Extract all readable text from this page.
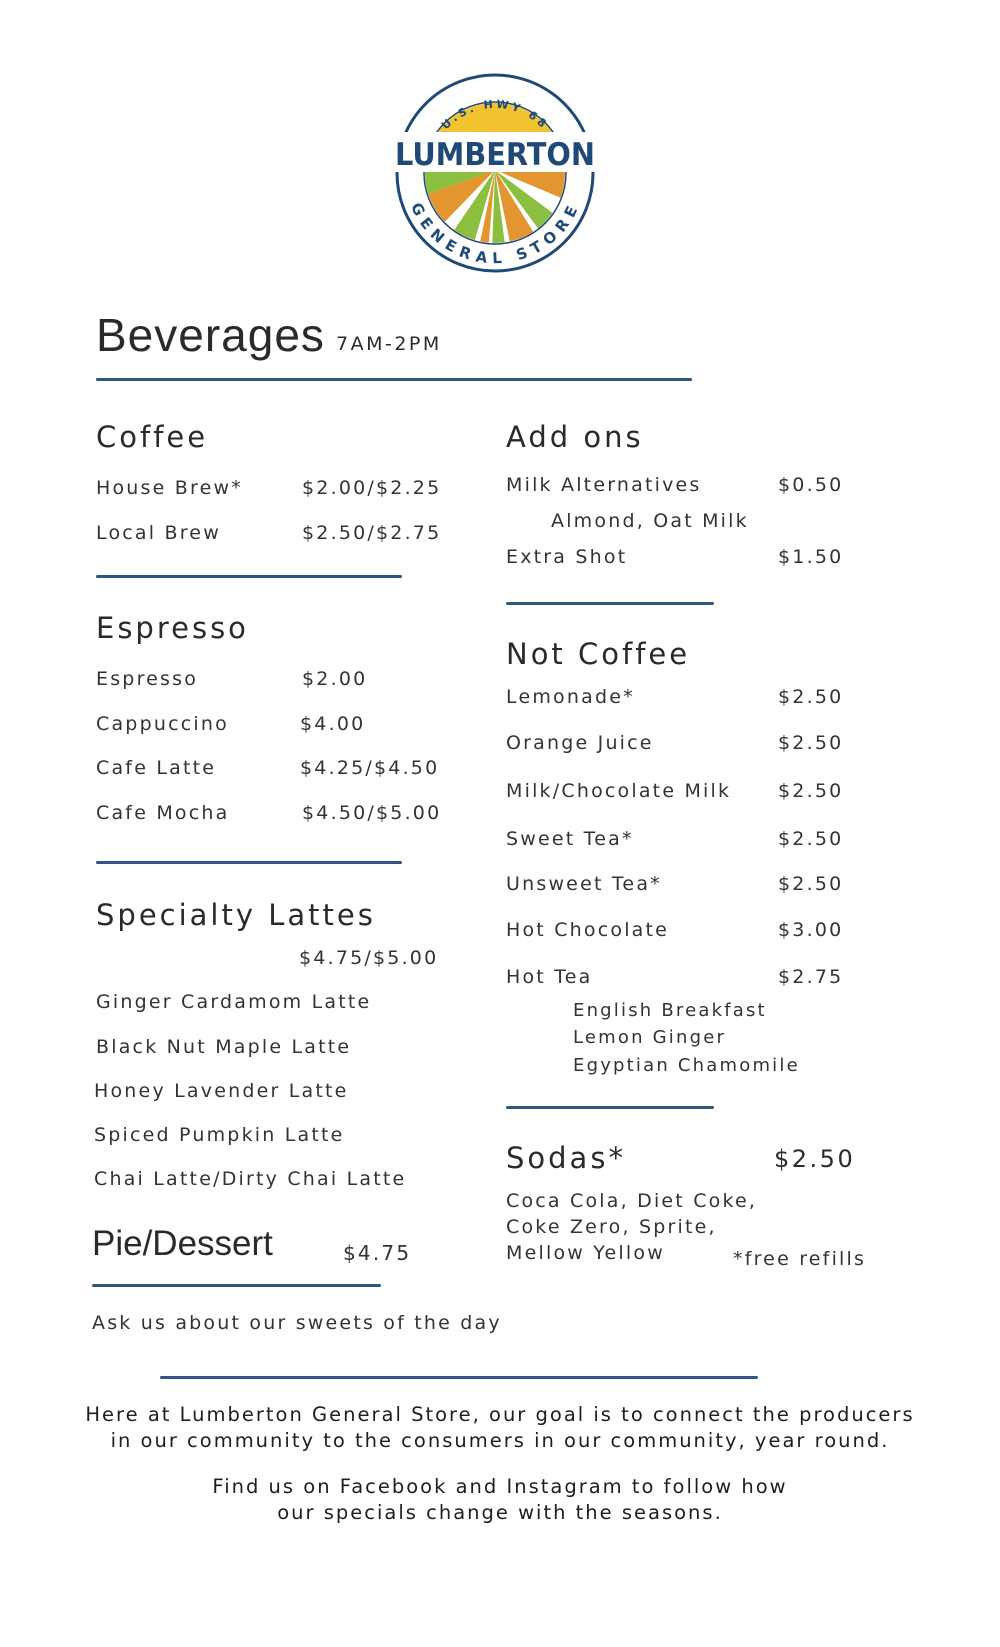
LUMBERTON
U.S. HWY 68
GENERAL STORE
Beverages 7AM-2PM
Coffee
House Brew*	$2.00/$2.25
Local Brew	$2.50/$2.75
Espresso
Espresso	$2.00
Cappuccino	$4.00
Cafe Latte	$4.25/$4.50
Cafe Mocha	$4.50/$5.00
Specialty Lattes
$4.75/$5.00
Ginger Cardamom Latte
Black Nut Maple Latte
Honey Lavender Latte
Spiced Pumpkin Latte
Chai Latte/Dirty Chai Latte
Pie/Dessert	$4.75
Ask us about our sweets of the day
Add ons
Milk Alternatives	$0.50
Almond, Oat Milk
Extra Shot	$1.50
Not Coffee
Lemonade*	$2.50
Orange Juice	$2.50
Milk/Chocolate Milk $2.50
Sweet Tea*	$2.50
Unsweet Tea*	$2.50
Hot Chocolate	$3.00
Hot Tea	$2.75
English Breakfast
Lemon Ginger
Egyptian Chamomile
Sodas*	$2.50
Coca Cola, Diet Coke,
Coke Zero, Sprite,
Mellow Yellow	*free refills
Here at Lumberton General Store, our goal is to connect the producers
in our community to the consumers in our community, year round.
Find us on Facebook and Instagram to follow how
our specials change with the seasons.
